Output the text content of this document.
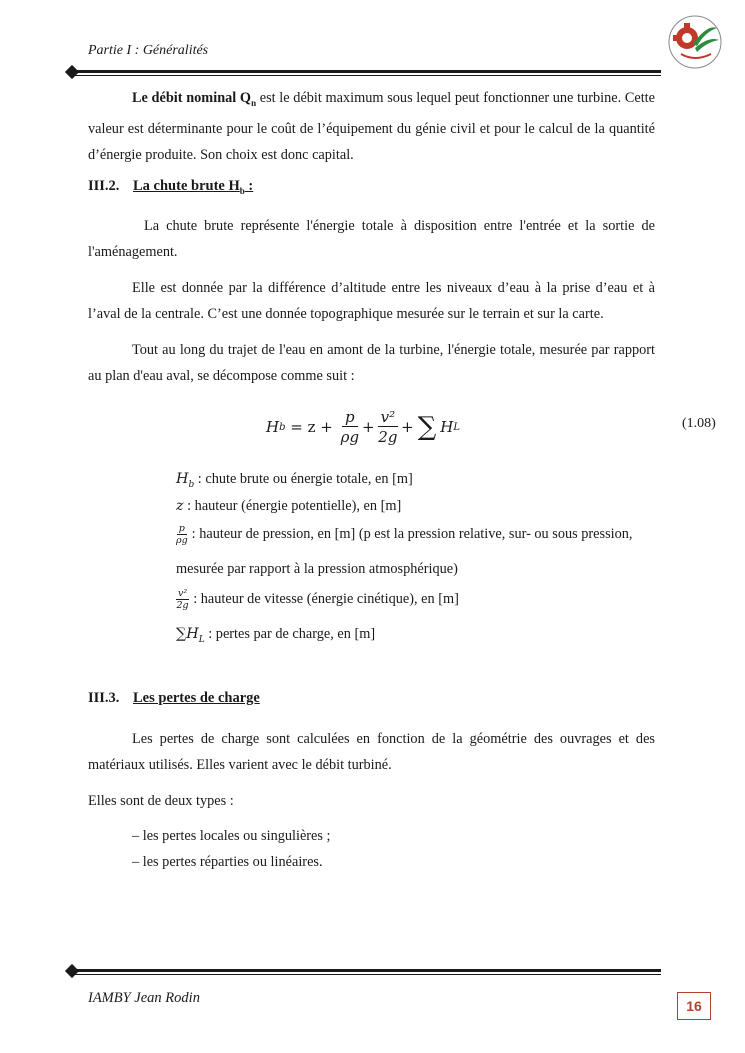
Partie I : Généralités
Le débit nominal $Q_n$ est le débit maximum sous lequel peut fonctionner une turbine. Cette valeur est déterminante pour le coût de l’équipement du génie civil et pour le calcul de la quantité d’énergie produite. Son choix est donc capital.
III.2. La chute brute $H_b$ :
La chute brute représente l'énergie totale à disposition entre l'entrée et la sortie de l'aménagement.
Elle est donnée par la différence d’altitude entre les niveaux d’eau à la prise d’eau et à l’aval de la centrale. C’est une donnée topographique mesurée sur le terrain et sur la carte.
Tout au long du trajet de l'eau en amont de la turbine, l'énergie totale, mesurée par rapport au plan d'eau aval, se décompose comme suit :
H $b = z + \frac{p}{\rho g} + \frac{\text{v²}}{2g}$ + ∑ H L	(1.08)
$H_b$ : chute brute ou énergie totale, en [m]
z : hauteur (énergie potentielle), en [m]
$\frac{p}{\rho g}$ : hauteur de pression, en [m] (p est la pression relative, sur- ou sous pression,
mesurée par rapport à la pression atmosphérique)
$\frac{\text{v²}}{2g}$ : hauteur de vitesse (énergie cinétique), en [m]
$\sum H_L$ : pertes par de charge, en [m]
III.3. Les pertes de charge
Les pertes de charge sont calculées en fonction de la géométrie des ouvrages et des matériaux utilisés. Elles varient avec le débit turbiné.
Elles sont de deux types :
– les pertes locales ou singulières ;
– les pertes réparties ou linéaires.
IAMBY Jean Rodin	16
